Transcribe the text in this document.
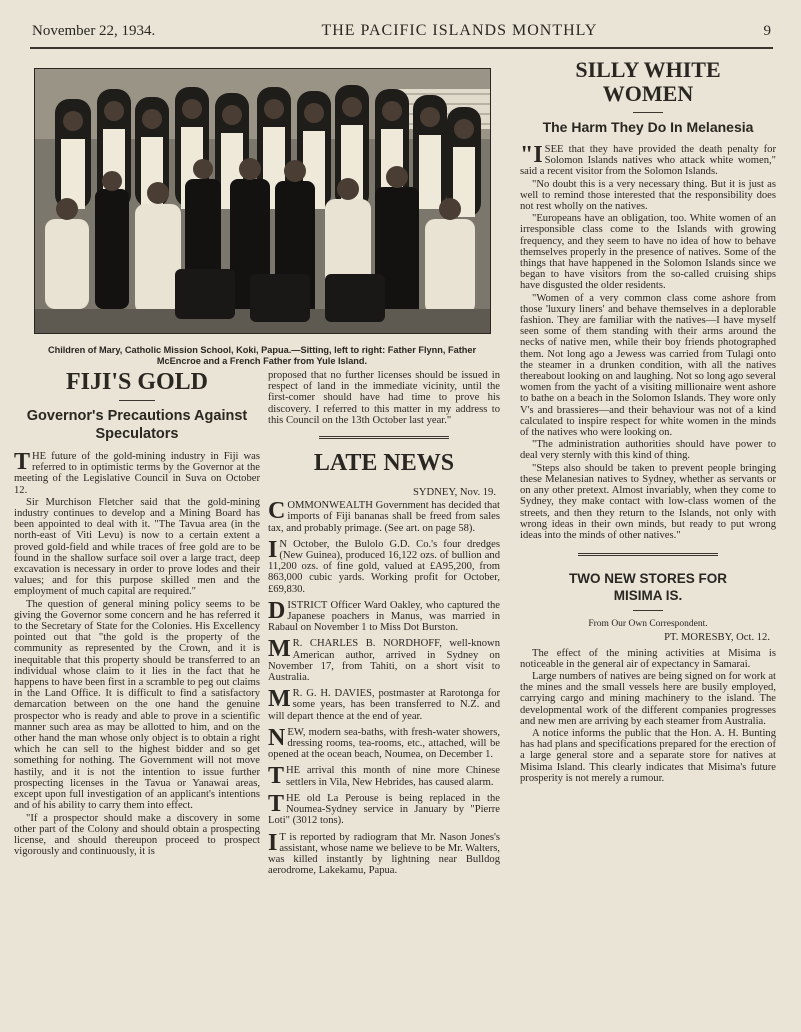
November 22, 1934.	THE PACIFIC ISLANDS MONTHLY	9
Children of Mary, Catholic Mission School, Koki, Papua.—Sitting, left to right: Father Flynn, Father McEncroe and a French Father from Yule Island.
FIJI'S GOLD
Governor's Precautions Against Speculators

THE future of the gold-mining industry in Fiji was referred to in optimistic terms by the Governor at the meeting of the Legislative Council in Suva on October 12.

Sir Murchison Fletcher said that the gold-mining industry continues to develop and a Mining Board has been appointed to deal with it. "The Tavua area (in the north-east of Viti Levu) is now to a certain extent a proved gold-field and while traces of free gold are to be found in the shallow surface soil over a large tract, deep excavation is necessary in order to prove lodes and their values; and for this purpose skilled men and the employment of much capital are required."

The question of general mining policy seems to be giving the Governor some concern and he has referred it to the Secretary of State for the Colonies. His Excellency pointed out that "the gold is the property of the community as represented by the Crown, and it is inequitable that this property should be transferred to an individual whose claim to it lies in the fact that he happens to have been first in a scramble to peg out claims in the Land Office. It is difficult to find a satisfactory demarcation between on the one hand the genuine prospector who is ready and able to prove in a scientific manner such area as may be allotted to him, and on the other hand the man whose only object is to obtain a right which he can sell to the highest bidder and so get something for nothing. The Government will not move hastily, and it is not the intention to issue further prospecting licenses in the Tavua or Yanawai areas, except upon full investigation of an applicant's intentions and of his ability to carry them into effect.

"If a prospector should make a discovery in some other part of the Colony and should obtain a prospecting license, and should thereupon proceed to prospect vigorously and continuously, it is

proposed that no further licenses should be issued in respect of land in the immediate vicinity, until the first-comer should have had time to prove his discovery. I referred to this matter in my address to this Council on the 13th October last year."

LATE NEWS
SYDNEY, Nov. 19.

COMMONWEALTH Government has decided that imports of Fiji bananas shall be freed from sales tax, and probably primage. (See art. on page 58).

I N October, the Bulolo G.D. Co.'s four dredges (New Guinea), produced 16,122 ozs. of bullion and 11,200 ozs. of fine gold, valued at £A95,200, from 863,000 cubic yards. Working profit for October, £69,830.

DISTRICT Officer Ward Oakley, who captured the Japanese poachers in Manus, was married in Rabaul on November 1 to Miss Dot Burston.

M R. CHARLES B. NORDHOFF, well-known American author, arrived in Sydney on November 17, from Tahiti, on a short visit to Australia.

M R. G. H. DAVIES, postmaster at Rarotonga for some years, has been transferred to N.Z. and will depart thence at the end of year.

NEW, modern sea-baths, with fresh-water showers, dressing rooms, tea-rooms, etc., attached, will be opened at the ocean beach, Noumea, on December 1.

THE arrival this month of nine more Chinese settlers in Vila, New Hebrides, has caused alarm.

THE old La Perouse is being replaced in the Noumea-Sydney service in January by "Pierre Loti" (3012 tons).

I T is reported by radiogram that Mr. Nason Jones's assistant, whose name we believe to be Mr. Walters, was killed instantly by lightning near Bulldog aerodrome, Lakekamu, Papua.

SILLY WHITE
WOMEN
The Harm They Do In Melanesia

"ISEE that they have provided the death penalty for Solomon Islands natives who attack white women," said a recent visitor from the Solomon Islands.

"No doubt this is a very necessary thing. But it is just as well to remind those interested that the responsibility does not rest wholly on the natives.

"Europeans have an obligation, too. White women of an irresponsible class come to the Islands with growing frequency, and they seem to have no idea of how to behave themselves properly in the presence of natives. Some of the things that have happened in the Solomon Islands since we began to have visitors from the so-called cruising ships have disgusted the older residents.

"Women of a very common class come ashore from those 'luxury liners' and behave themselves in a deplorable fashion. They are familiar with the natives—I have myself seen some of them standing with their arms around the necks of native men, while their boy friends photographed them. Not long ago a Jewess was carried from Tulagi onto the steamer in a drunken condition, with all the natives thereabout looking on and laughing. Not so long ago several women from the yacht of a visiting millionaire went ashore to bathe on a beach in the Solomon Islands. They wore only V's and brassieres—and their behaviour was not of a kind calculated to inspire respect for white women in the minds of the natives who were looking on.

"The administration authorities should have power to deal very sternly with this kind of thing.

"Steps also should be taken to prevent people bringing these Melanesian natives to Sydney, whether as servants or on any other pretext. Almost invariably, when they come to Sydney, they make contact with low-class women of the streets, and then they return to the Islands, not only with wrong ideas in their own minds, but ready to put wrong ideas into the minds of other natives."

TWO NEW STORES FOR
MISIMA IS.
From Our Own Correspondent.
PT. MORESBY, Oct. 12.

The effect of the mining activities at Misima is noticeable in the general air of expectancy in Samarai.

Large numbers of natives are being signed on for work at the mines and the small vessels here are busily employed, carrying cargo and mining machinery to the island. The developmental work of the different companies progresses and new men are arriving by each steamer from Australia.

A notice informs the public that the Hon. A. H. Bunting has had plans and specifications prepared for the erection of a large general store and a separate store for natives at Misima Island. This clearly indicates that Misima's future prosperity is not merely a rumour.
